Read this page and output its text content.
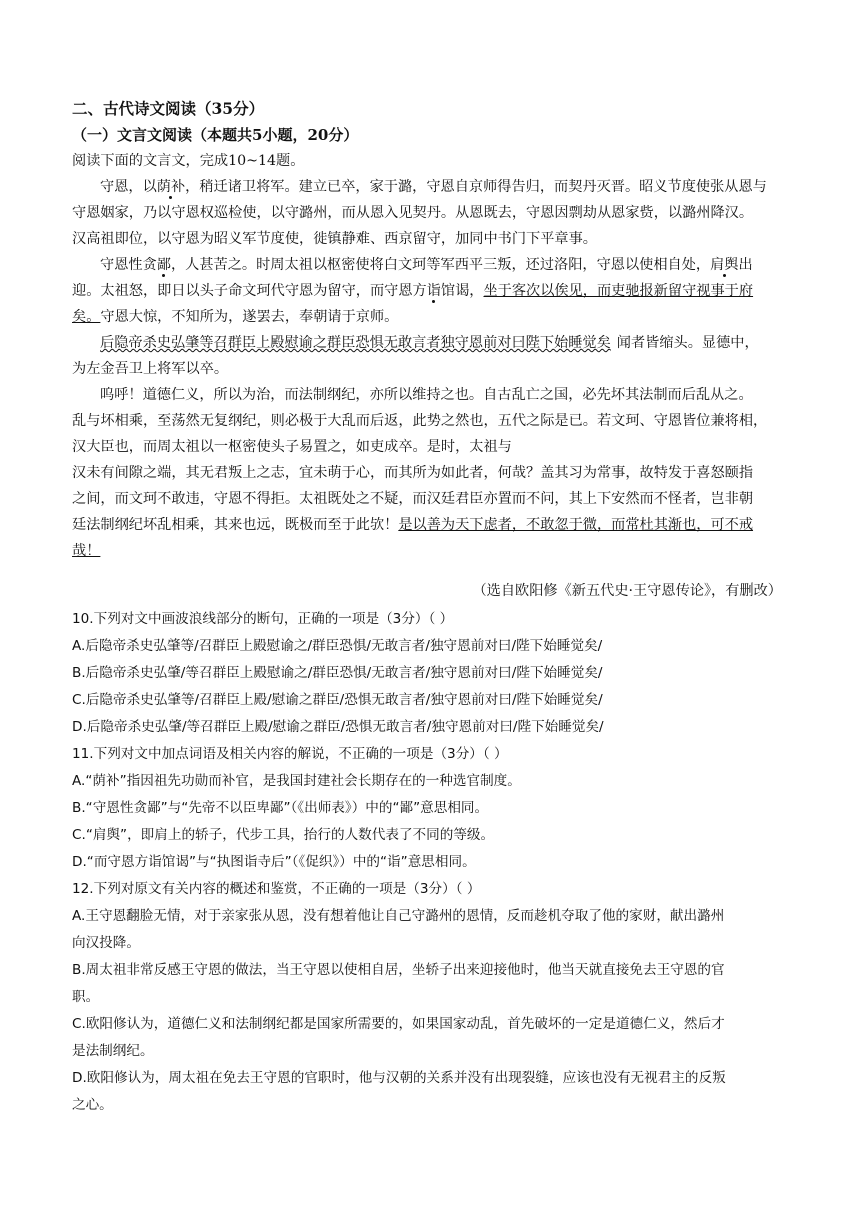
二、古代诗文阅读（35分）
（一）文言文阅读（本题共5小题，20分）
阅读下面的文言文，完成10~14题。
守恩，以荫补，稍迁诸卫将军。建立已卒，家于潞，守恩自京师得告归，而契丹灭晋。昭义节度使张从恩与
守恩姻家，乃以守恩权巡检使，以守潞州，而从恩入见契丹。从恩既去，守恩因剽劫从恩家赀，以潞州降汉。
汉高祖即位，以守恩为昭义军节度使，徙镇静难、西京留守，加同中书门下平章事。
守恩性贪鄙，人甚苦之。时周太祖以枢密使将白文珂等军西平三叛，还过洛阳，守恩以使相自处，肩舆出
迎。太祖怒，即日以头子命文珂代守恩为留守，而守恩方诣馆谒，坐于客次以俟见，而吏驰报新留守视事于府
矣。守恩大惊，不知所为，遂罢去，奉朝请于京师。
后隐帝杀史弘肇等召群臣上殿慰谕之群臣恐惧无敢言者独守恩前对曰陛下始睡觉矣 闻者皆缩头。显德中，
为左金吾卫上将军以卒。
呜呼！道德仁义，所以为治，而法制纲纪，亦所以维持之也。自古乱亡之国，必先坏其法制而后乱从之。
乱与坏相乘，至荡然无复纲纪，则必极于大乱而后返，此势之然也，五代之际是已。若文珂、守恩皆位兼将相，
汉大臣也，而周太祖以一枢密使头子易置之，如吏成卒。是时，太祖与
汉未有间隙之端，其无君叛上之志，宜未萌于心，而其所为如此者，何哉？盖其习为常事，故特发于喜怒颐指
之间，而文珂不敢违，守恩不得拒。太祖既处之不疑，而汉廷君臣亦置而不问，其上下安然而不怪者，岂非朝
廷法制纲纪坏乱相乘，其来也远，既极而至于此欤！是以善为天下虑者，不敢忽于微，而常杜其渐也，可不戒
哉！
（选自欧阳修《新五代史·王守恩传论》，有删改）
10.下列对文中画波浪线部分的断句，正确的一项是（3分）（ ）
A.后隐帝杀史弘肇等/召群臣上殿慰谕之/群臣恐惧/无敢言者/独守恩前对曰/陛下始睡觉矣/
B.后隐帝杀史弘肇/等召群臣上殿慰谕之/群臣恐惧/无敢言者/独守恩前对曰/陛下始睡觉矣/
C.后隐帝杀史弘肇等/召群臣上殿/慰谕之群臣/恐惧无敢言者/独守恩前对曰/陛下始睡觉矣/
D.后隐帝杀史弘肇/等召群臣上殿/慰谕之群臣/恐惧无敢言者/独守恩前对曰/陛下始睡觉矣/
11.下列对文中加点词语及相关内容的解说，不正确的一项是（3分）（ ）
A.“荫补”指因祖先功勋而补官，是我国封建社会长期存在的一种选官制度。
B.“守恩性贪鄙”与“先帝不以臣卑鄙”（《出师表》）中的“鄙”意思相同。
C.“肩舆”，即肩上的轿子，代步工具，抬行的人数代表了不同的等级。
D.“而守恩方诣馆谒”与“执图诣寺后”（《促织》）中的“诣”意思相同。
12.下列对原文有关内容的概述和鉴赏，不正确的一项是（3分）（ ）
A.王守恩翻脸无情，对于亲家张从恩，没有想着他让自己守潞州的恩情，反而趁机夺取了他的家财，献出潞州
向汉投降。
B.周太祖非常反感王守恩的做法，当王守恩以使相自居，坐轿子出来迎接他时，他当天就直接免去王守恩的官
职。
C.欧阳修认为，道德仁义和法制纲纪都是国家所需要的，如果国家动乱，首先破坏的一定是道德仁义，然后才
是法制纲纪。
D.欧阳修认为，周太祖在免去王守恩的官职时，他与汉朝的关系并没有出现裂缝，应该也没有无视君主的反叛
之心。
